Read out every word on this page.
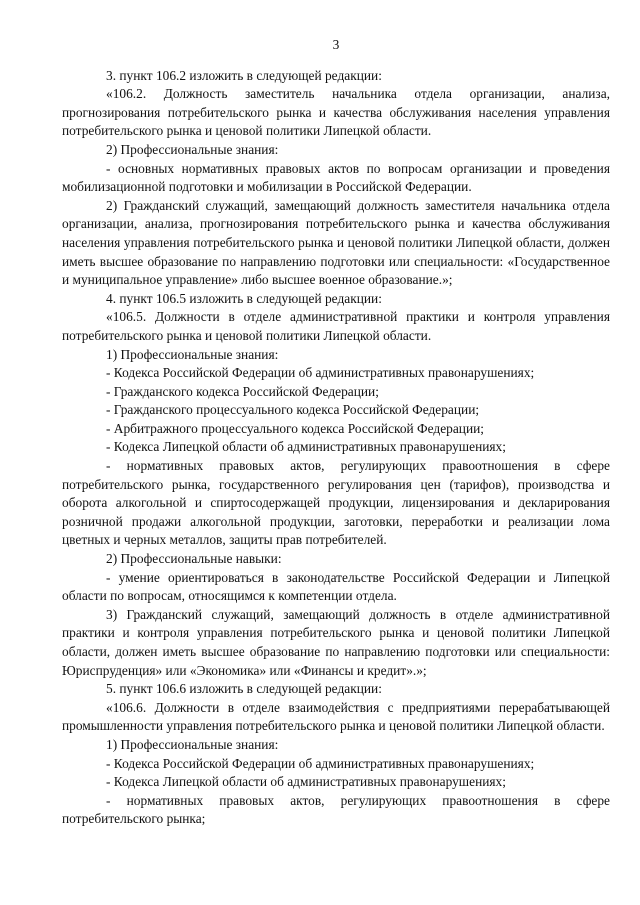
3

3. пункт 106.2 изложить в следующей редакции:

«106.2. Должность заместитель начальника отдела организации, анализа, прогнозирования потребительского рынка и качества обслуживания населения управления потребительского рынка и ценовой политики Липецкой области.

2) Профессиональные знания:

- основных нормативных правовых актов по вопросам организации и проведения мобилизационной подготовки и мобилизации в Российской Федерации.

2) Гражданский служащий, замещающий должность заместителя начальника отдела организации, анализа, прогнозирования потребительского рынка и качества обслуживания населения управления потребительского рынка и ценовой политики Липецкой области, должен иметь высшее образование по направлению подготовки или специальности: «Государственное и муниципальное управление» либо высшее военное образование.»;

4. пункт 106.5 изложить в следующей редакции:

«106.5. Должности в отделе административной практики и контроля управления потребительского рынка и ценовой политики Липецкой области.

1) Профессиональные знания:

- Кодекса Российской Федерации об административных правонарушениях;

- Гражданского кодекса Российской Федерации;

- Гражданского процессуального кодекса Российской Федерации;

- Арбитражного процессуального кодекса Российской Федерации;

- Кодекса Липецкой области об административных правонарушениях;

- нормативных правовых актов, регулирующих правоотношения в сфере потребительского рынка, государственного регулирования цен (тарифов), производства и оборота алкогольной и спиртосодержащей продукции, лицензирования и декларирования розничной продажи алкогольной продукции, заготовки, переработки и реализации лома цветных и черных металлов, защиты прав потребителей.

2) Профессиональные навыки:

- умение ориентироваться в законодательстве Российской Федерации и Липецкой области по вопросам, относящимся к компетенции отдела.

3) Гражданский служащий, замещающий должность в отделе административной практики и контроля управления потребительского рынка и ценовой политики Липецкой области, должен иметь высшее образование по направлению подготовки или специальности: Юриспруденция» или «Экономика» или «Финансы и кредит».»;

5. пункт 106.6 изложить в следующей редакции:

«106.6. Должности в отделе взаимодействия с предприятиями перерабатывающей промышленности управления потребительского рынка и ценовой политики Липецкой области.

1) Профессиональные знания:

- Кодекса Российской Федерации об административных правонарушениях;

- Кодекса Липецкой области об административных правонарушениях;

- нормативных правовых актов, регулирующих правоотношения в сфере потребительского рынка;
